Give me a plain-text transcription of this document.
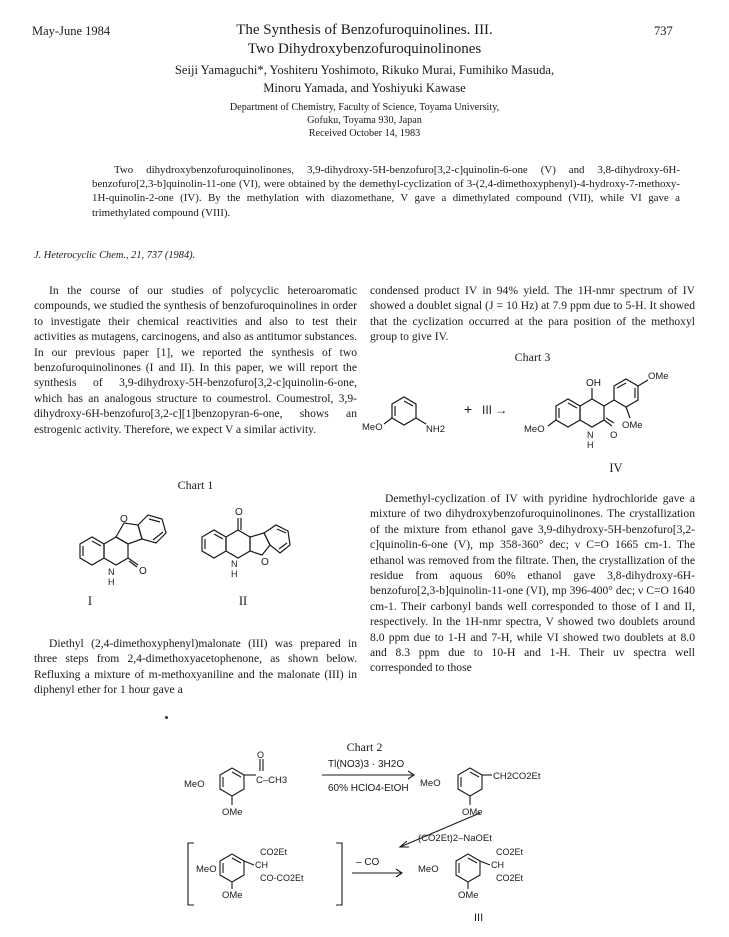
May-June 1984	737
The Synthesis of Benzofuroquinolines. III.
Two Dihydroxybenzofuroquinolinones
Seiji Yamaguchi*, Yoshiteru Yoshimoto, Rikuko Murai, Fumihiko Masuda,
Minoru Yamada, and Yoshiyuki Kawase
Department of Chemistry, Faculty of Science, Toyama University,
Gofuku, Toyama 930, Japan
Received October 14, 1983

Two dihydroxybenzofuroquinolinones, 3,9-dihydroxy-5H-benzofuro[3,2-c]quinolin-6-one (V) and 3,8-dihydroxy-6H-benzofuro[2,3-b]quinolin-11-one (VI), were obtained by the demethyl-cyclization of 3-(2,4-dimethoxyphenyl)-4-hydroxy-7-methoxy-1H-quinolin-2-one (IV). By the methylation with diazomethane, V gave a dimethylated compound (VII), while VI gave a trimethylated compound (VIII).

J. Heterocyclic Chem., 21, 737 (1984).

In the course of our studies of polycyclic heteroaromatic compounds, we studied the synthesis of benzofuroquinolines in order to investigate their chemical reactivities and also to test their activities as mutagens, carcinogens, and also as antitumor substances. In our previous paper [1], we reported the synthesis of two benzofuroquinolinones (I and II). In this paper, we will report the synthesis of 3,9-dihydroxy-5H-benzofuro[3,2-c]quinolin-6-one, which has an analogous structure to coumestrol. Coumestrol, 3,9-dihydroxy-6H-benzofuro[3,2-c][1]benzopyran-6-one, shows an estrogenic activity. Therefore, we expect V a similar activity.

Chart 1
O
O
N
H
O
O
N
H
I	II

Diethyl (2,4-dimethoxyphenyl)malonate (III) was prepared in three steps from 2,4-dimethoxyacetophenone, as shown below. Refluxing a mixture of m-methoxyaniline and the malonate (III) in diphenyl ether for 1 hour gave a

condensed product IV in 94% yield. The 1H-nmr spectrum of IV showed a doublet signal (J = 10 Hz) at 7.9 ppm due to 5-H. It showed that the cyclization occurred at the para position of the methoxyl group to give IV.

Chart 3
MeO	NH2
+ III →
OH
OMe
OMe
MeO	N
H
O
IV

Demethyl-cyclization of IV with pyridine hydrochloride gave a mixture of two dihydroxybenzofuroquinolinones. The crystallization of the mixture from ethanol gave 3,9-dihydroxy-5H-benzofuro[3,2-c]quinolin-6-one (V), mp 358-360° dec; ν C=O 1665 cm-1. The ethanol was removed from the filtrate. Then, the crystallization of the residue from aquous 60% ethanol gave 3,8-dihydroxy-6H-benzofuro[2,3-b]quinolin-11-one (VI), mp 396-400° dec; ν C=O 1640 cm-1. Their carbonyl bands well corresponded to those of I and II, respectively. In the 1H-nmr spectra, V showed two doublets around 8.0 ppm due to 1-H and 7-H, while VI showed two doublets at 8.0 and 8.3 ppm due to 10-H and 1-H. Their uv spectra well corresponded to those

Chart 2
MeO
O
C–CH3
OMe
Tl(NO3)3 · 3H2O
60% HClO4-EtOH MeO
CH2CO2Et
OMe
(CO2Et)2–NaOEt
MeO
CO2Et
CH
CO-CO2Et
OMe
– CO
MeO
CO2Et
CH
CO2Et
OMe
III
